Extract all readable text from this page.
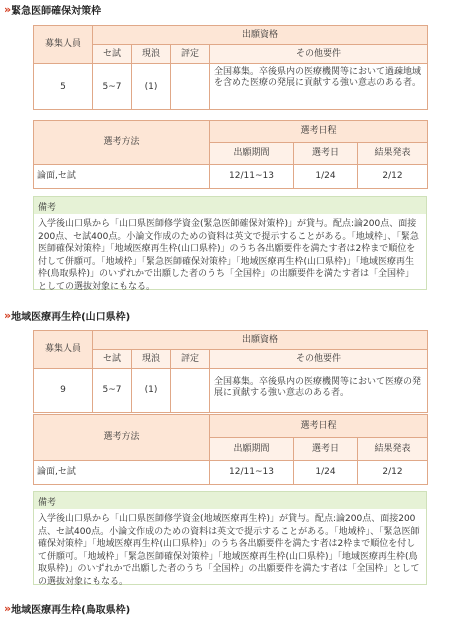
» 緊急医師確保対策枠
募集人員	出願資格			
	セ試	現浪	評定	その他要件
5	5~7	(1)		全国募集。卒後県内の医療機関等において過疎地域を含めた医療の発展に貢献する強い意志のある者。
選考方法	選考日程		
	出願期間	選考日	結果発表
論面,セ試	12/11~13	1/24	2/12
備考
入学後山口県から「山口県医師修学資金(緊急医師確保対策枠)」が貸与。配点:論200点、面接200点、セ試400点。小論文作成のための資料は英文で提示することがある。「地域枠」、「緊急医師確保対策枠」「地域医療再生枠(山口県枠)」のうち各出願要件を満たす者は2枠まで順位を付して併願可。「地域枠」「緊急医師確保対策枠」「地域医療再生枠(山口県枠)」「地域医療再生枠(鳥取県枠)」のいずれかで出願した者のうち「全国枠」の出願要件を満たす者は「全国枠」としての選抜対象にもなる。
» 地域医療再生枠(山口県枠)
募集人員	出願資格			
	セ試	現浪	評定	その他要件
9	5~7	(1)		全国募集。卒後県内の医療機関等において医療の発展に貢献する強い意志のある者。
選考方法	選考日程		
	出願期間	選考日	結果発表
論面,セ試	12/11~13	1/24	2/12
備考
入学後山口県から「山口県医師修学資金(地域医療再生枠)」が貸与。配点:論200点、面接200点、セ試400点。小論文作成のための資料は英文で提示することがある。「地域枠」、「緊急医師確保対策枠」「地域医療再生枠(山口県枠)」のうち各出願要件を満たす者は2枠まで順位を付して併願可。「地域枠」「緊急医師確保対策枠」「地域医療再生枠(山口県枠)」「地域医療再生枠(鳥取県枠)」のいずれかで出願した者のうち「全国枠」の出願要件を満たす者は「全国枠」としての選抜対象にもなる。
» 地域医療再生枠(鳥取県枠)
